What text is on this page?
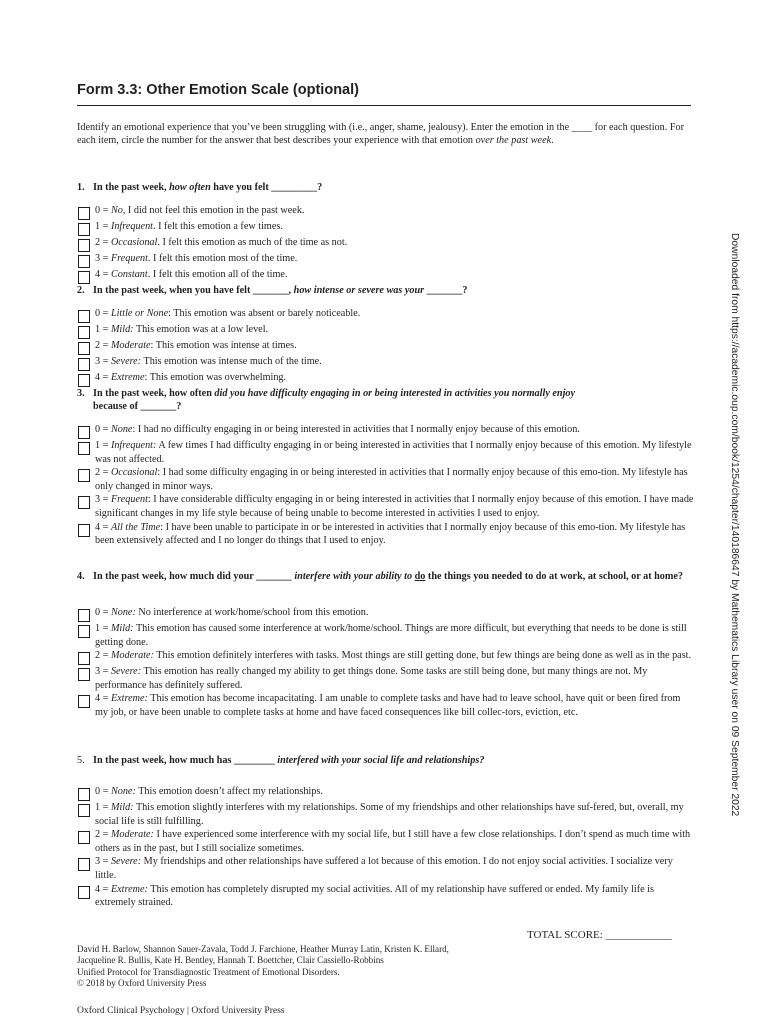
Form 3.3: Other Emotion Scale (optional)

Identify an emotional experience that you’ve been struggling with (i.e., anger, shame, jealousy). Enter the emotion in the ____ for each question. For each item, circle the number for the answer that best describes your experience with that emotion over the past week.

Downloaded from https://academic.oup.com/book/1254/chapter/140186647 by Mathematics Library user on 09 September 2022

1. In the past week, how often have you felt _________?

0 = No, I did not feel this emotion in the past week.
1 = Infrequent. I felt this emotion a few times.
2 = Occasional. I felt this emotion as much of the time as not.
3 = Frequent. I felt this emotion most of the time.
4 = Constant. I felt this emotion all of the time.

2. In the past week, when you have felt _______, how intense or severe was your _______?

0 = Little or None: This emotion was absent or barely noticeable.
1 = Mild: This emotion was at a low level.
2 = Moderate: This emotion was intense at times.
3 = Severe: This emotion was intense much of the time.
4 = Extreme: This emotion was overwhelming.

3. In the past week, how often did you have difficulty engaging in or being interested in activities you normally enjoy
because of _______?

0 = None: I had no difficulty engaging in or being interested in activities that I normally enjoy because of this emotion.
1 = Infrequent: A few times I had difficulty engaging in or being interested in activities that I normally enjoy because of this emotion. My lifestyle was not affected.
2 = Occasional: I had some difficulty engaging in or being interested in activities that I normally enjoy because of this emo-tion. My lifestyle has only changed in minor ways.
3 = Frequent: I have considerable difficulty engaging in or being interested in activities that I normally enjoy because of this emotion. I have made significant changes in my life style because of being unable to become interested in activities I used to enjoy.
4 = All the Time: I have been unable to participate in or be interested in activities that I normally enjoy because of this emo-tion. My lifestyle has been extensively affected and I no longer do things that I used to enjoy.

4. In the past week, how much did your _______ interfere with your ability to do the things you needed to do at work, at school, or at home?

0 = None: No interference at work/home/school from this emotion.
1 = Mild: This emotion has caused some interference at work/home/school. Things are more difficult, but everything that needs to be done is still getting done.
2 = Moderate: This emotion definitely interferes with tasks. Most things are still getting done, but few things are being done as well as in the past.
3 = Severe: This emotion has really changed my ability to get things done. Some tasks are still being done, but many things are not. My performance has definitely suffered.
4 = Extreme: This emotion has become incapacitating. I am unable to complete tasks and have had to leave school, have quit or been fired from my job, or have been unable to complete tasks at home and have faced consequences like bill collec-tors, eviction, etc.

5. In the past week, how much has ________ interfered with your social life and relationships?

0 = None: This emotion doesn’t affect my relationships.
1 = Mild: This emotion slightly interferes with my relationships. Some of my friendships and other relationships have suf-fered, but, overall, my social life is still fulfilling.
2 = Moderate: I have experienced some interference with my social life, but I still have a few close relationships. I don’t spend as much time with others as in the past, but I still socialize sometimes.
3 = Severe: My friendships and other relationships have suffered a lot because of this emotion. I do not enjoy social activities. I socialize very little.
4 = Extreme: This emotion has completely disrupted my social activities. All of my relationship have suffered or ended. My family life is extremely strained.

TOTAL SCORE: ____________

David H. Barlow, Shannon Sauer-Zavala, Todd J. Farchione, Heather Murray Latin, Kristen K. Ellard,
Jacqueline R. Bullis, Kate H. Bentley, Hannah T. Boettcher, Clair Cassiello-Robbins
Unified Protocol for Transdiagnostic Treatment of Emotional Disorders.
© 2018 by Oxford University Press

Oxford Clinical Psychology | Oxford University Press
